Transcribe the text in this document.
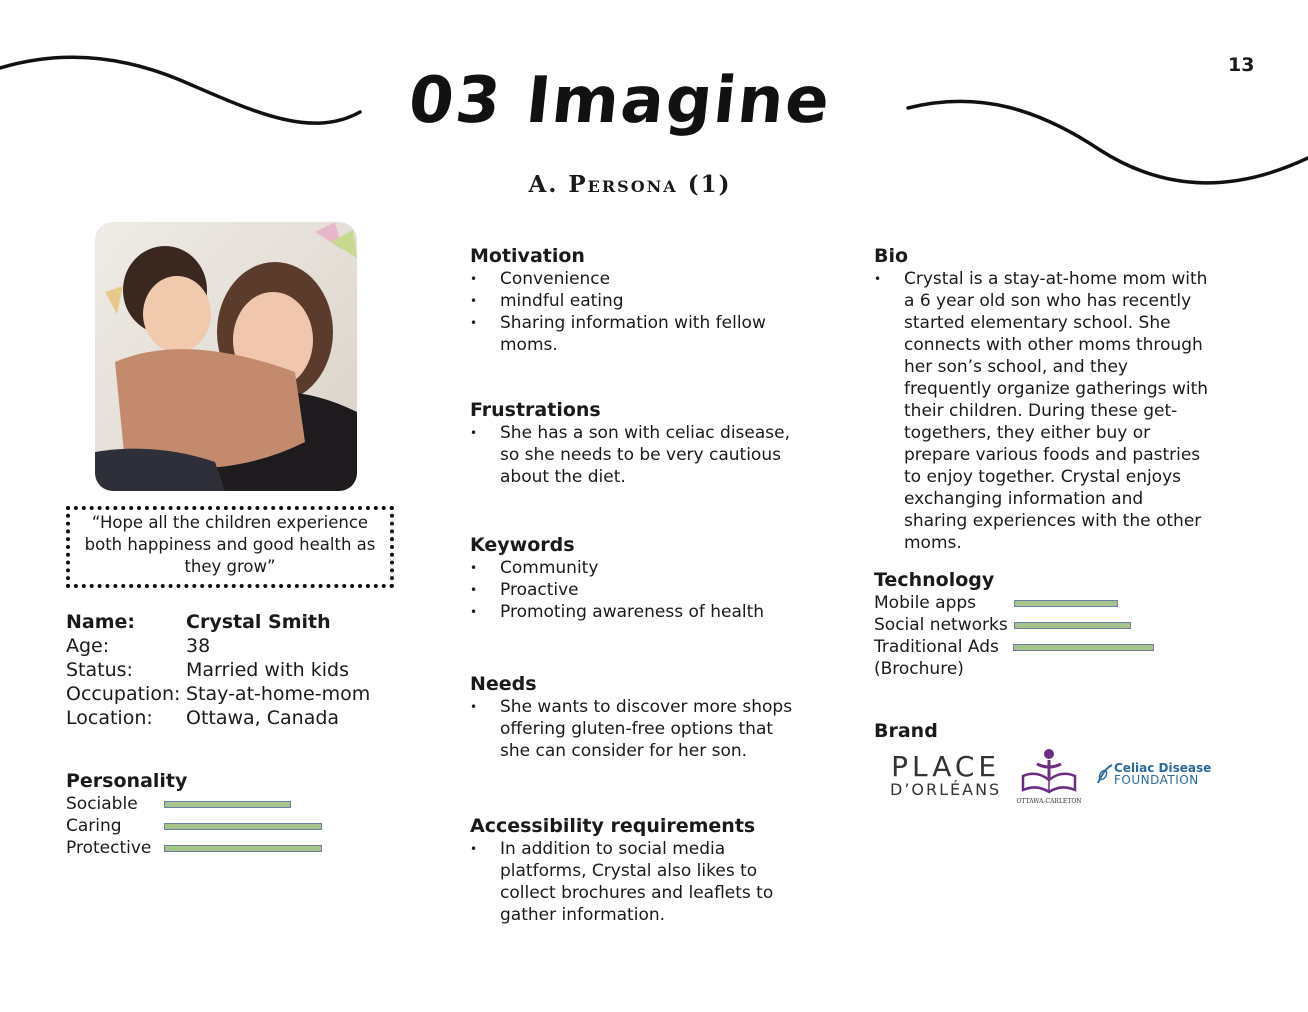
13
03 Imagine
A. Persona (1)
“Hope all the children experience both happiness and good health as they grow”
Name:	Crystal Smith
Age:	38
Status:	Married with kids
Occupation: Stay-at-home-mom
Location:	Ottawa, Canada
Personality
Sociable
Caring
Protective
Motivation
• Convenience
• mindful eating
• Sharing information with fellow moms.
Frustrations
• She has a son with celiac disease, so she needs to be very cautious about the diet.
Keywords
• Community
• Proactive
• Promoting awareness of health
Needs
• She wants to discover more shops offering gluten-free options that she can consider for her son.
Accessibility requirements
• In addition to social media platforms, Crystal also likes to collect brochures and leaflets to gather information.
Bio
• Crystal is a stay-at-home mom with a 6 year old son who has recently started elementary school. She connects with other moms through her son’s school, and they frequently organize gatherings with their children. During these get-togethers, they either buy or prepare various foods and pastries to enjoy together. Crystal enjoys exchanging information and sharing experiences with the other moms.
Technology
Mobile apps
Social networks
Traditional Ads (Brochure)
Brand
PLACE
D’ORLÉANS
OTTAWA-CARLETON
Celiac Disease
FOUNDATION
